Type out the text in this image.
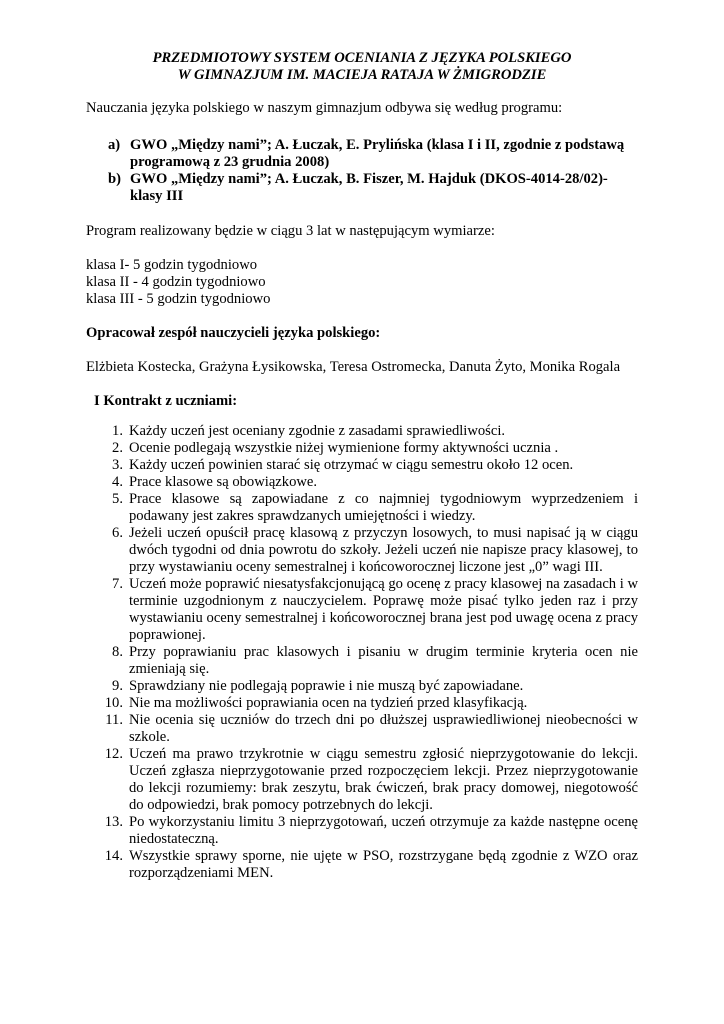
PRZEDMIOTOWY SYSTEM OCENIANIA Z JĘZYKA POLSKIEGO
W GIMNAZJUM IM. MACIEJA RATAJA W ŻMIGRODZIE
Nauczania języka polskiego w naszym gimnazjum odbywa się według programu:
a) GWO „Między nami”; A. Łuczak, E. Prylińska (klasa I i II, zgodnie z podstawą
programową z 23 grudnia 2008)
b) GWO „Między nami”; A. Łuczak, B. Fiszer, M. Hajduk (DKOS-4014-28/02)-
klasy III
Program realizowany będzie w ciągu 3 lat w następującym wymiarze:
klasa I- 5 godzin tygodniowo
klasa II - 4 godzin tygodniowo
klasa III - 5 godzin tygodniowo
Opracował zespół nauczycieli języka polskiego:
Elżbieta Kostecka, Grażyna Łysikowska, Teresa Ostromecka, Danuta Żyto, Monika Rogala
I Kontrakt z uczniami:
1. Każdy uczeń jest oceniany zgodnie z zasadami sprawiedliwości.
2. Ocenie podlegają wszystkie niżej wymienione formy aktywności ucznia .
3. Każdy uczeń powinien starać się otrzymać w ciągu semestru około 12 ocen.
4. Prace klasowe są obowiązkowe.
5. Prace klasowe są zapowiadane z co najmniej tygodniowym wyprzedzeniem i podawany jest zakres sprawdzanych umiejętności i wiedzy.
6. Jeżeli uczeń opuścił pracę klasową z przyczyn losowych, to musi napisać ją w ciągu dwóch tygodni od dnia powrotu do szkoły. Jeżeli uczeń nie napisze pracy klasowej, to przy wystawianiu oceny semestralnej i końcoworocznej liczone jest „0” wagi III.
7. Uczeń może poprawić niesatysfakcjonującą go ocenę z pracy klasowej na zasadach i w terminie uzgodnionym z nauczycielem. Poprawę może pisać tylko jeden raz i przy wystawianiu oceny semestralnej i końcoworocznej brana jest pod uwagę ocena z pracy poprawionej.
8. Przy poprawianiu prac klasowych i pisaniu w drugim terminie kryteria ocen nie zmieniają się.
9. Sprawdziany nie podlegają poprawie i nie muszą być zapowiadane.
10. Nie ma możliwości poprawiania ocen na tydzień przed klasyfikacją.
11. Nie ocenia się uczniów do trzech dni po dłuższej usprawiedliwionej nieobecności w szkole.
12. Uczeń ma prawo trzykrotnie w ciągu semestru zgłosić nieprzygotowanie do lekcji. Uczeń zgłasza nieprzygotowanie przed rozpoczęciem lekcji. Przez nieprzygotowanie do lekcji rozumiemy: brak zeszytu, brak ćwiczeń, brak pracy domowej, niegotowość do odpowiedzi, brak pomocy potrzebnych do lekcji.
13. Po wykorzystaniu limitu 3 nieprzygotowań, uczeń otrzymuje za każde następne ocenę niedostateczną.
14. Wszystkie sprawy sporne, nie ujęte w PSO, rozstrzygane będą zgodnie z WZO oraz rozporządzeniami MEN.
